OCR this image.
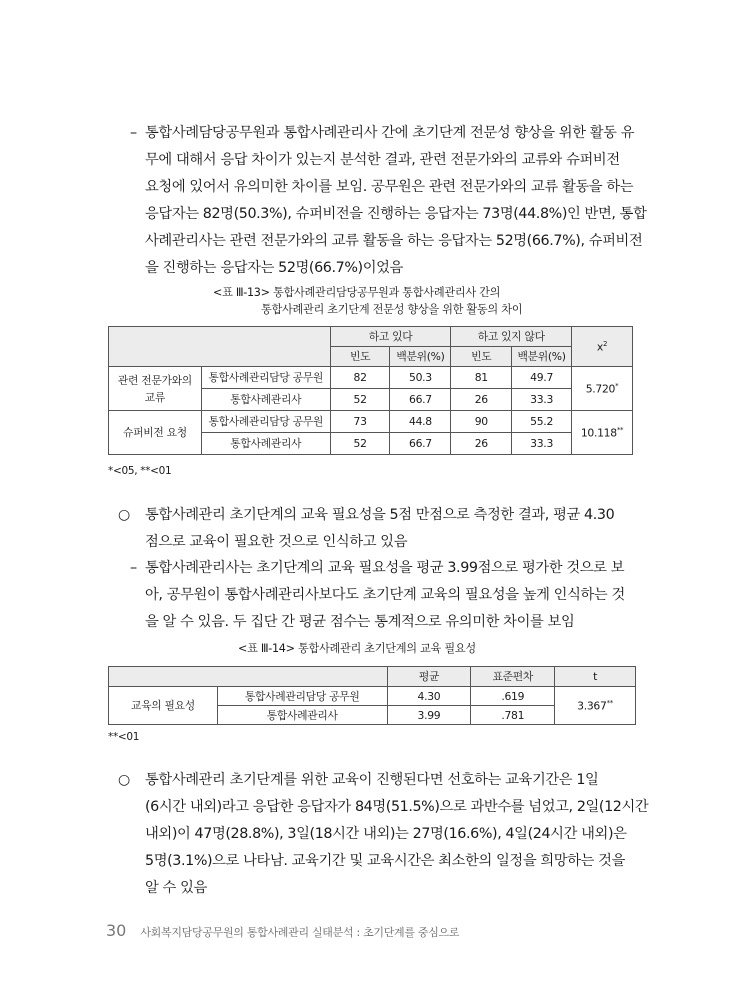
– 통합사례담당공무원과 통합사례관리사 간에 초기단계 전문성 향상을 위한 활동 유
무에 대해서 응답 차이가 있는지 분석한 결과, 관련 전문가와의 교류와 슈퍼비전
요청에 있어서 유의미한 차이를 보임. 공무원은 관련 전문가와의 교류 활동을 하는
응답자는 82명(50.3%), 슈퍼비전을 진행하는 응답자는 73명(44.8%)인 반면, 통합
사례관리사는 관련 전문가와의 교류 활동을 하는 응답자는 52명(66.7%), 슈퍼비전
을 진행하는 응답자는 52명(66.7%)이었음
<표 Ⅲ-13> 통합사례관리담당공무원과 통합사례관리사 간의
통합사례관리 초기단계 전문성 향상을 위한 활동의 차이
		하고 있다		하고 있지 않다		$x^2$
		빈도	백분위(%)	빈도	백분위(%)	
관련 전문가와의 교류	통합사례관리담당 공무원	82	50.3	81	49.7	5.720*
	통합사례관리사	52	66.7	26	33.3	
슈퍼비전 요청	통합사례관리담당 공무원	73	44.8	90	55.2	10.118**
	통합사례관리사	52	66.7	26	33.3	
*<05, **<01
○	통합사례관리 초기단계의 교육 필요성을 5점 만점으로 측정한 결과, 평균 4.30
점으로 교육이 필요한 것으로 인식하고 있음
– 통합사례관리사는 초기단계의 교육 필요성을 평균 3.99점으로 평가한 것으로 보
아, 공무원이 통합사례관리사보다도 초기단계 교육의 필요성을 높게 인식하는 것
을 알 수 있음. 두 집단 간 평균 점수는 통계적으로 유의미한 차이를 보임
<표 Ⅲ-14> 통합사례관리 초기단계의 교육 필요성
		평균	표준편차	t
교육의 필요성	통합사례관리담당 공무원	4.30	.619	3.367**
	통합사례관리사	3.99	.781	
**<01
○	통합사례관리 초기단계를 위한 교육이 진행된다면 선호하는 교육기간은 1일
(6시간 내외)라고 응답한 응답자가 84명(51.5%)으로 과반수를 넘었고, 2일(12시간
내외)이 47명(28.8%), 3일(18시간 내외)는 27명(16.6%), 4일(24시간 내외)은
5명(3.1%)으로 나타남. 교육기간 및 교육시간은 최소한의 일정을 희망하는 것을
알 수 있음
30 사회복지담당공무원의 통합사례관리 실태분석 : 초기단계를 중심으로
